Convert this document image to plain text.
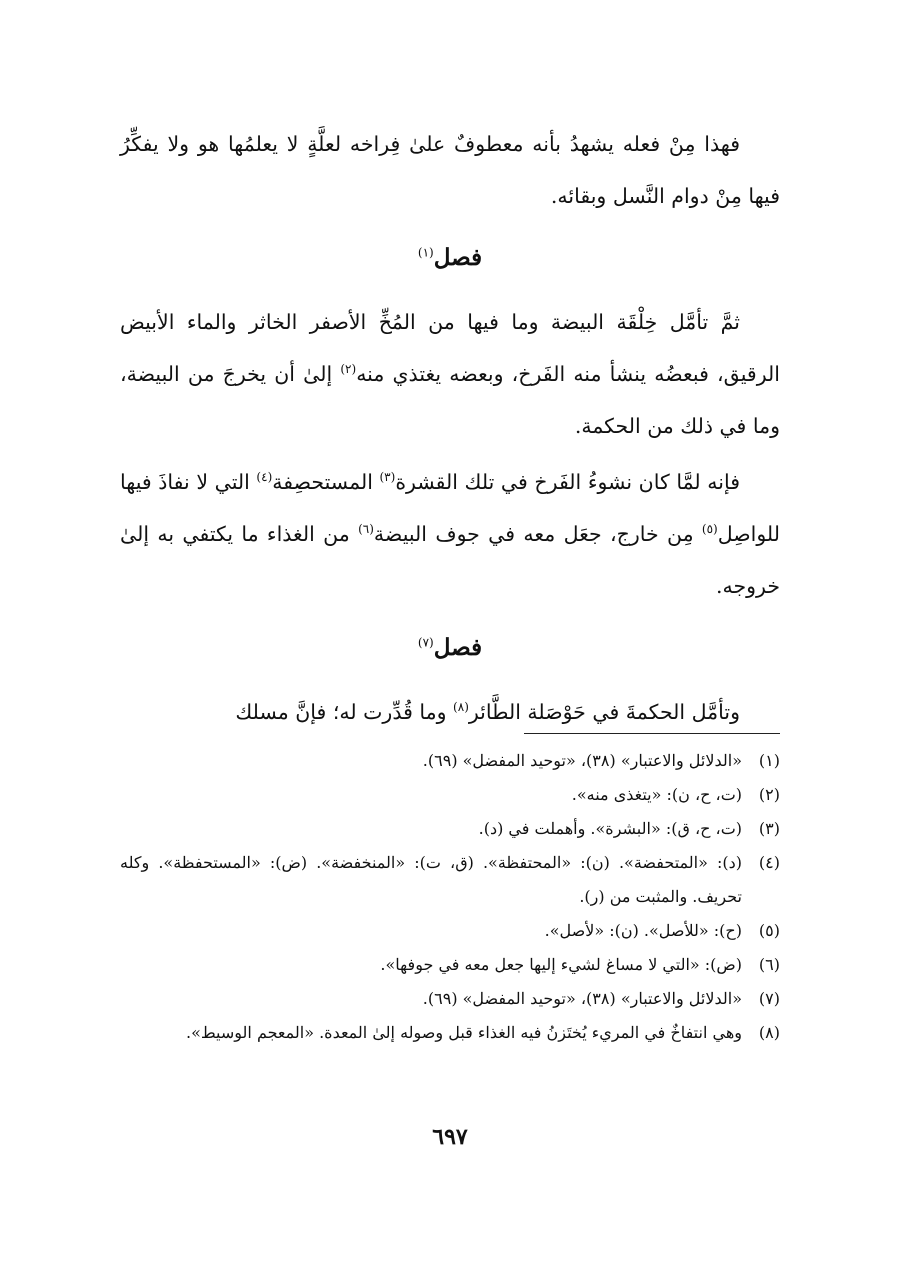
فهذا مِنْ فعله يشهدُ بأنه معطوفٌ علىٰ فِراخه لعلَّةٍ لا يعلمُها هو ولا يفكِّرُ فيها مِنْ دوام النَّسل وبقائه.

فصل$^{(١)}$

ثمَّ تأمَّل خِلْقَة البيضة وما فيها من المُخِّ الأصفر الخاثر والماء الأبيض الرقيق، فبعضُه ينشأ منه الفَرخ، وبعضه يغتذي منه$^{(٢)}$ إلىٰ أن يخرجَ من البيضة، وما في ذلك من الحكمة.

فإنه لمَّا كان نشوءُ الفَرخ في تلك القشرة$^{(٣)}$ المستحصِفة$^{(٤)}$ التي لا نفاذَ فيها للواصِل$^{(٥)}$ مِن خارج، جعَل معه في جوف البيضة$^{(٦)}$ من الغذاء ما يكتفي به إلىٰ خروجه.

فصل$^{(٧)}$

وتأمَّل الحكمةَ في حَوْصَلة الطَّائر$^{(٨)}$ وما قُدِّرت له؛ فإنَّ مسلك

(١)
«الدلائل والاعتبار» (٣٨)، «توحيد المفضل» (٦٩).
(٢)
(ت، ح، ن): «يتغذى منه».
(٣)
(ت، ح، ق): «البشرة». وأهملت في (د).
(٤)
(د): «المتحفضة». (ن): «المحتفظة». (ق، ت): «المنخفضة». (ض): «المستحفظة». وكله تحريف. والمثبت من (ر).
(٥)
(ح): «للأصل». (ن): «لأصل».
(٦)
(ض): «التي لا مساغ لشيء إليها جعل معه في جوفها».
(٧)
«الدلائل والاعتبار» (٣٨)، «توحيد المفضل» (٦٩).
(٨)
وهي انتفاخٌ في المريء يُختَزنُ فيه الغذاء قبل وصوله إلىٰ المعدة. «المعجم الوسيط».
٦٩٧
